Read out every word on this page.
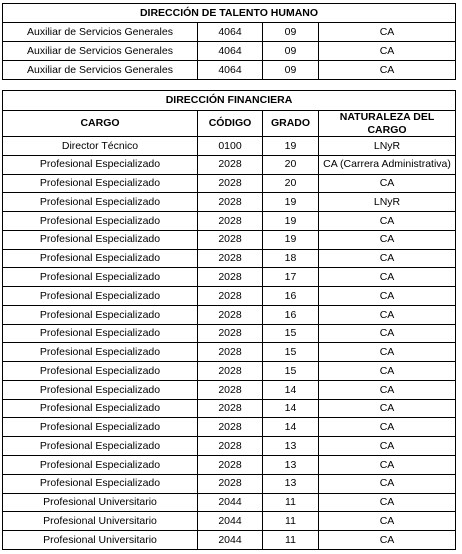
DIRECCIÓN DE TALENTO HUMANO			
Auxiliar de Servicios Generales	4064	09	CA
Auxiliar de Servicios Generales	4064	09	CA
Auxiliar de Servicios Generales	4064	09	CA
DIRECCIÓN FINANCIERA			
CARGO	CÓDIGO	GRADO	NATURALEZA DEL CARGO
Director Técnico	0100	19	LNyR
Profesional Especializado	2028	20	CA (Carrera Administrativa)
Profesional Especializado	2028	20	CA
Profesional Especializado	2028	19	LNyR
Profesional Especializado	2028	19	CA
Profesional Especializado	2028	19	CA
Profesional Especializado	2028	18	CA
Profesional Especializado	2028	17	CA
Profesional Especializado	2028	16	CA
Profesional Especializado	2028	16	CA
Profesional Especializado	2028	15	CA
Profesional Especializado	2028	15	CA
Profesional Especializado	2028	15	CA
Profesional Especializado	2028	14	CA
Profesional Especializado	2028	14	CA
Profesional Especializado	2028	14	CA
Profesional Especializado	2028	13	CA
Profesional Especializado	2028	13	CA
Profesional Especializado	2028	13	CA
Profesional Universitario	2044	11	CA
Profesional Universitario	2044	11	CA
Profesional Universitario	2044	11	CA
